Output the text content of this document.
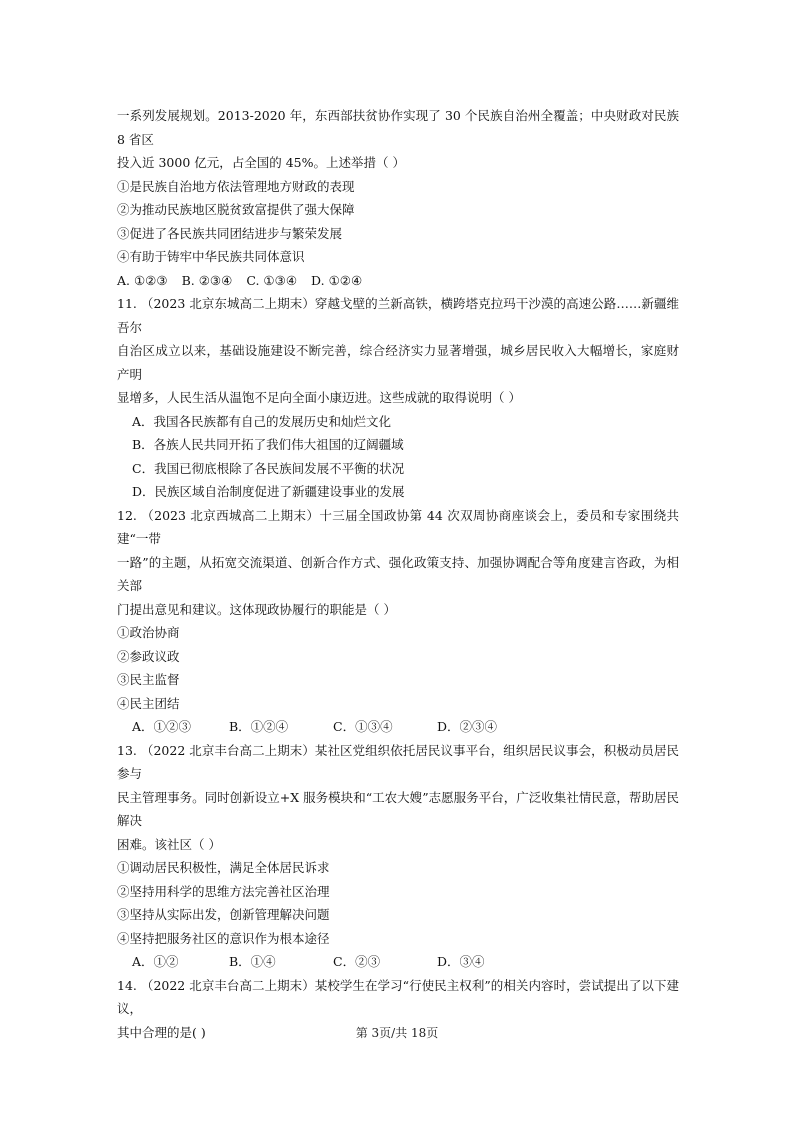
一系列发展规划。2013-2020 年，东西部扶贫协作实现了 30 个民族自治州全覆盖；中央财政对民族 8 省区

投入近 3000 亿元，占全国的 45%。上述举措（ ）

①是民族自治地方依法管理地方财政的表现

②为推动民族地区脱贫致富提供了强大保障

③促进了各民族共同团结进步与繁荣发展

④有助于铸牢中华民族共同体意识

A. ①②③ B. ②③④ C. ①③④ D. ①②④

11. （2023 北京东城高二上期末）穿越戈壁的兰新高铁，横跨塔克拉玛干沙漠的高速公路……新疆维吾尔

自治区成立以来，基础设施建设不断完善，综合经济实力显著增强，城乡居民收入大幅增长，家庭财产明

显增多，人民生活从温饱不足向全面小康迈进。这些成就的取得说明（ ）

A．我国各民族都有自己的发展历史和灿烂文化

B．各族人民共同开拓了我们伟大祖国的辽阔疆域

C．我国已彻底根除了各民族间发展不平衡的状况

D．民族区域自治制度促进了新疆建设事业的发展

12. （2023 北京西城高二上期末）十三届全国政协第 44 次双周协商座谈会上，委员和专家围绕共建“一带

一路”的主题，从拓宽交流渠道、创新合作方式、强化政策支持、加强协调配合等角度建言咨政，为相关部

门提出意见和建议。这体现政协履行的职能是（ ）

①政治协商

②参政议政

③民主监督

④民主团结

A．①②③	B．①②④	C．①③④	D．②③④

13. （2022 北京丰台高二上期末）某社区党组织依托居民议事平台，组织居民议事会，积极动员居民参与

民主管理事务。同时创新设立+X 服务模块和“工农大嫂”志愿服务平台，广泛收集社情民意，帮助居民解决

困难。该社区（ ）

①调动居民积极性，满足全体居民诉求

②坚持用科学的思维方法完善社区治理

③坚持从实际出发，创新管理解决问题

④坚持把服务社区的意识作为根本途径

A．①②	B．①④	C．②③	D．③④

14. （2022 北京丰台高二上期末）某校学生在学习“行使民主权利”的相关内容时，尝试提出了以下建议，

其中合理的是( )	第 3页/共 18页
